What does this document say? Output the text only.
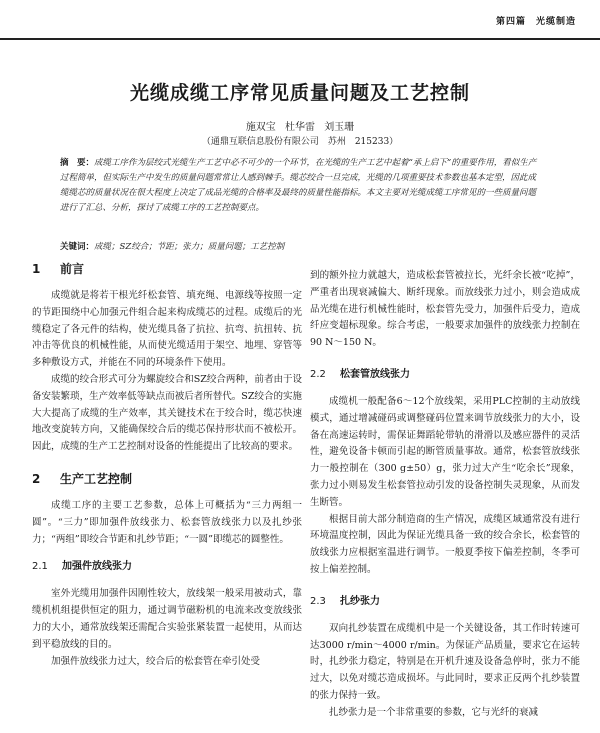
第四篇　光缆制造
光缆成缆工序常见质量问题及工艺控制
施双宝 杜华雷 刘玉珊
（通鼎互联信息股份有限公司　苏州　215233）
摘　要：成缆工序作为层绞式光缆生产工艺中必不可少的一个环节，在光缆的生产工艺中起着“承上启下”的重要作用，看似生产过程简单，但实际生产中发生的质量问题常常让人感到棘手。缆芯绞合一旦完成，光缆的几项重要技术参数也基本定型，因此成缆缆芯的质量状况在很大程度上决定了成品光缆的合格率及最终的质量性能指标。本文主要对光缆成缆工序常见的一些质量问题进行了汇总、分析，探讨了成缆工序的工艺控制要点。
关键词：成缆；SZ绞合；节距；张力；质量问题；工艺控制
1 前言

成缆就是将若干根光纤松套管、填充绳、电源线等按照一定的节距围绕中心加强元件组合起来构成缆芯的过程。成缆后的光缆稳定了各元件的结构，使光缆具备了抗拉、抗弯、抗扭转、抗冲击等优良的机械性能，从而使光缆适用于架空、地埋、穿管等多种敷设方式，并能在不同的环境条件下使用。

成缆的绞合形式可分为螺旋绞合和SZ绞合两种，前者由于设备安装繁琐，生产效率低等缺点而被后者所替代。SZ绞合的实施大大提高了成缆的生产效率，其关键技术在于绞合时，缆芯快速地改变旋转方向，又能确保绞合后的缆芯保持形状而不被松开。因此，成缆的生产工艺控制对设备的性能提出了比较高的要求。

2 生产工艺控制

成缆工序的主要工艺参数，总体上可概括为“三力两组一圆”。“三力”即加强件放线张力、松套管放线张力以及扎纱张力；“两组”即绞合节距和扎纱节距；“一圆”即缆芯的圆整性。

2.1 加强件放线张力

室外光缆用加强件因刚性较大，放线架一般采用被动式，靠缆机机组提供恒定的阻力，通过调节磁粉机的电流来改变放线张力的大小，通常放线架还需配合实验张紧装置一起使用，从而达到平稳放线的目的。

加强件放线张力过大，绞合后的松套管在牵引处受

到的额外拉力就越大，造成松套管被拉长，光纤余长被“吃掉”，严重者出现衰减偏大、断纤现象。而放线张力过小，则会造成成品光缆在进行机械性能时，松套管先受力，加强件后受力，造成纤应变超标现象。综合考虑，一般要求加强件的放线张力控制在90 N～150 N。

2.2 松套管放线张力

成缆机一般配备6～12个放线架，采用PLC控制的主动放线模式，通过增减碰码或调整碰码位置来调节放线张力的大小，设备在高速运转时，需保证舞蹈轮带轨的滑滑以及感应器件的灵活性，避免设备卡顿而引起的断管质量事故。通常，松套管放线张力一般控制在（300 g±50）g，张力过大产生“吃余长”现象，张力过小则易发生松套管拉动引发的设备控制失灵现象，从而发生断管。

根据目前大部分制造商的生产情况，成缆区域通常没有进行环境温度控制，因此为保证光缆具备一致的绞合余长，松套管的放线张力应根据室温进行调节。一般夏季按下偏差控制，冬季可按上偏差控制。

2.3 扎纱张力

双向扎纱装置在成缆机中是一个关键设备，其工作时转速可达3000 r/min～4000 r/min。为保证产品质量，要求它在运转时，扎纱张力稳定，特别是在开机升速及设备急停时，张力不能过大，以免对缆芯造成损坏。与此同时，要求正反两个扎纱装置的张力保持一致。

扎纱张力是一个非常重要的参数，它与光纤的衰减
